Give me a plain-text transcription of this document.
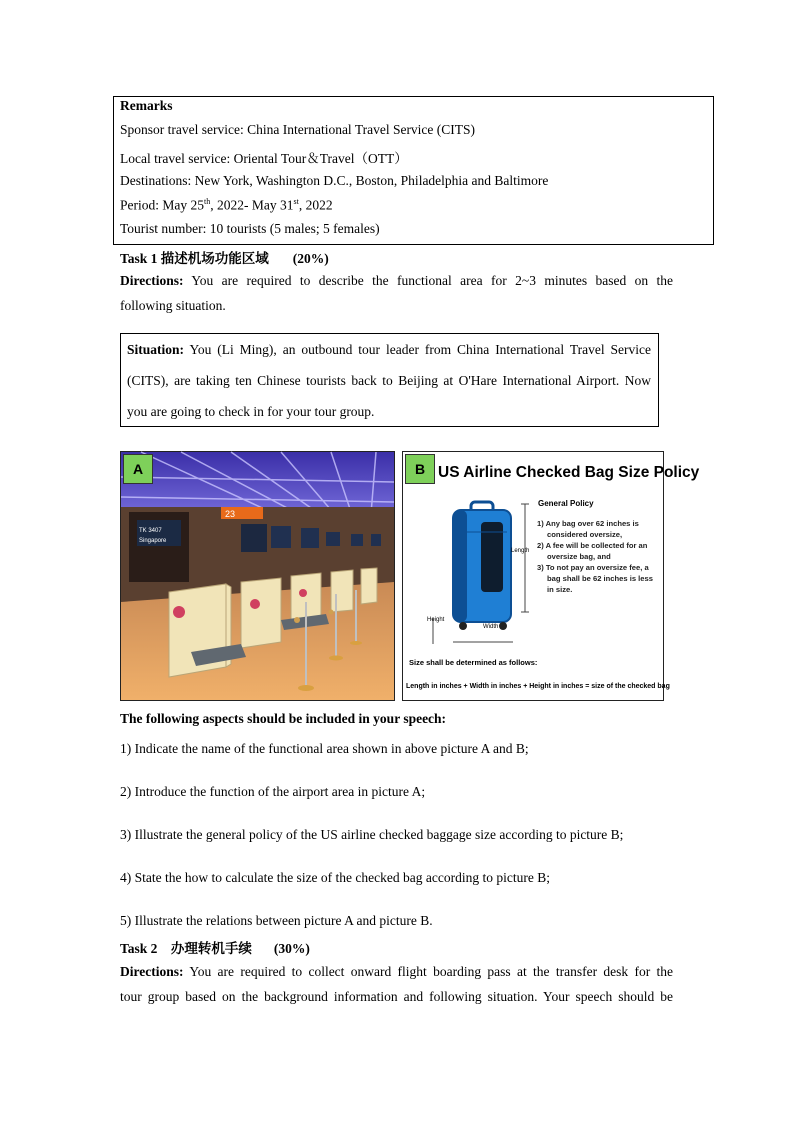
Remarks
Sponsor travel service: China International Travel Service (CITS)
Local travel service: Oriental Tour＆Travel（OTT）
Destinations: New York, Washington D.C., Boston, Philadelphia and Baltimore
Period: May 25th, 2022- May 31st, 2022
Tourist number: 10 tourists (5 males; 5 females)
Task 1 描述机场功能区域 (20%)
Directions: You are required to describe the functional area for 2~3 minutes based on the
following situation.
Situation: You (Li Ming), an outbound tour leader from China International Travel Service
(CITS), are taking ten Chinese tourists back to Beijing at O'Hare International Airport. Now
you are going to check in for your tour group.
23
TK 3407
Singapore
A	B US Airline Checked Bag Size Policy
Length
Height
Width
General Policy
1) Any bag over 62 inches is
considered oversize,
2) A fee will be collected for an
oversize bag, and
3) To not pay an oversize fee, a
bag shall be 62 inches is less
in size.
Size shall be determined as follows:
Length in inches + Width in inches + Height in inches = size of the checked bag
The following aspects should be included in your speech:
1) Indicate the name of the functional area shown in above picture A and B;
2) Introduce the function of the airport area in picture A;
3) Illustrate the general policy of the US airline checked baggage size according to picture B;
4) State the how to calculate the size of the checked bag according to picture B;
5) Illustrate the relations between picture A and picture B.
Task 2　办理转机手续 (30%)
Directions: You are required to collect onward flight boarding pass at the transfer desk for the
tour group based on the background information and following situation. Your speech should be
